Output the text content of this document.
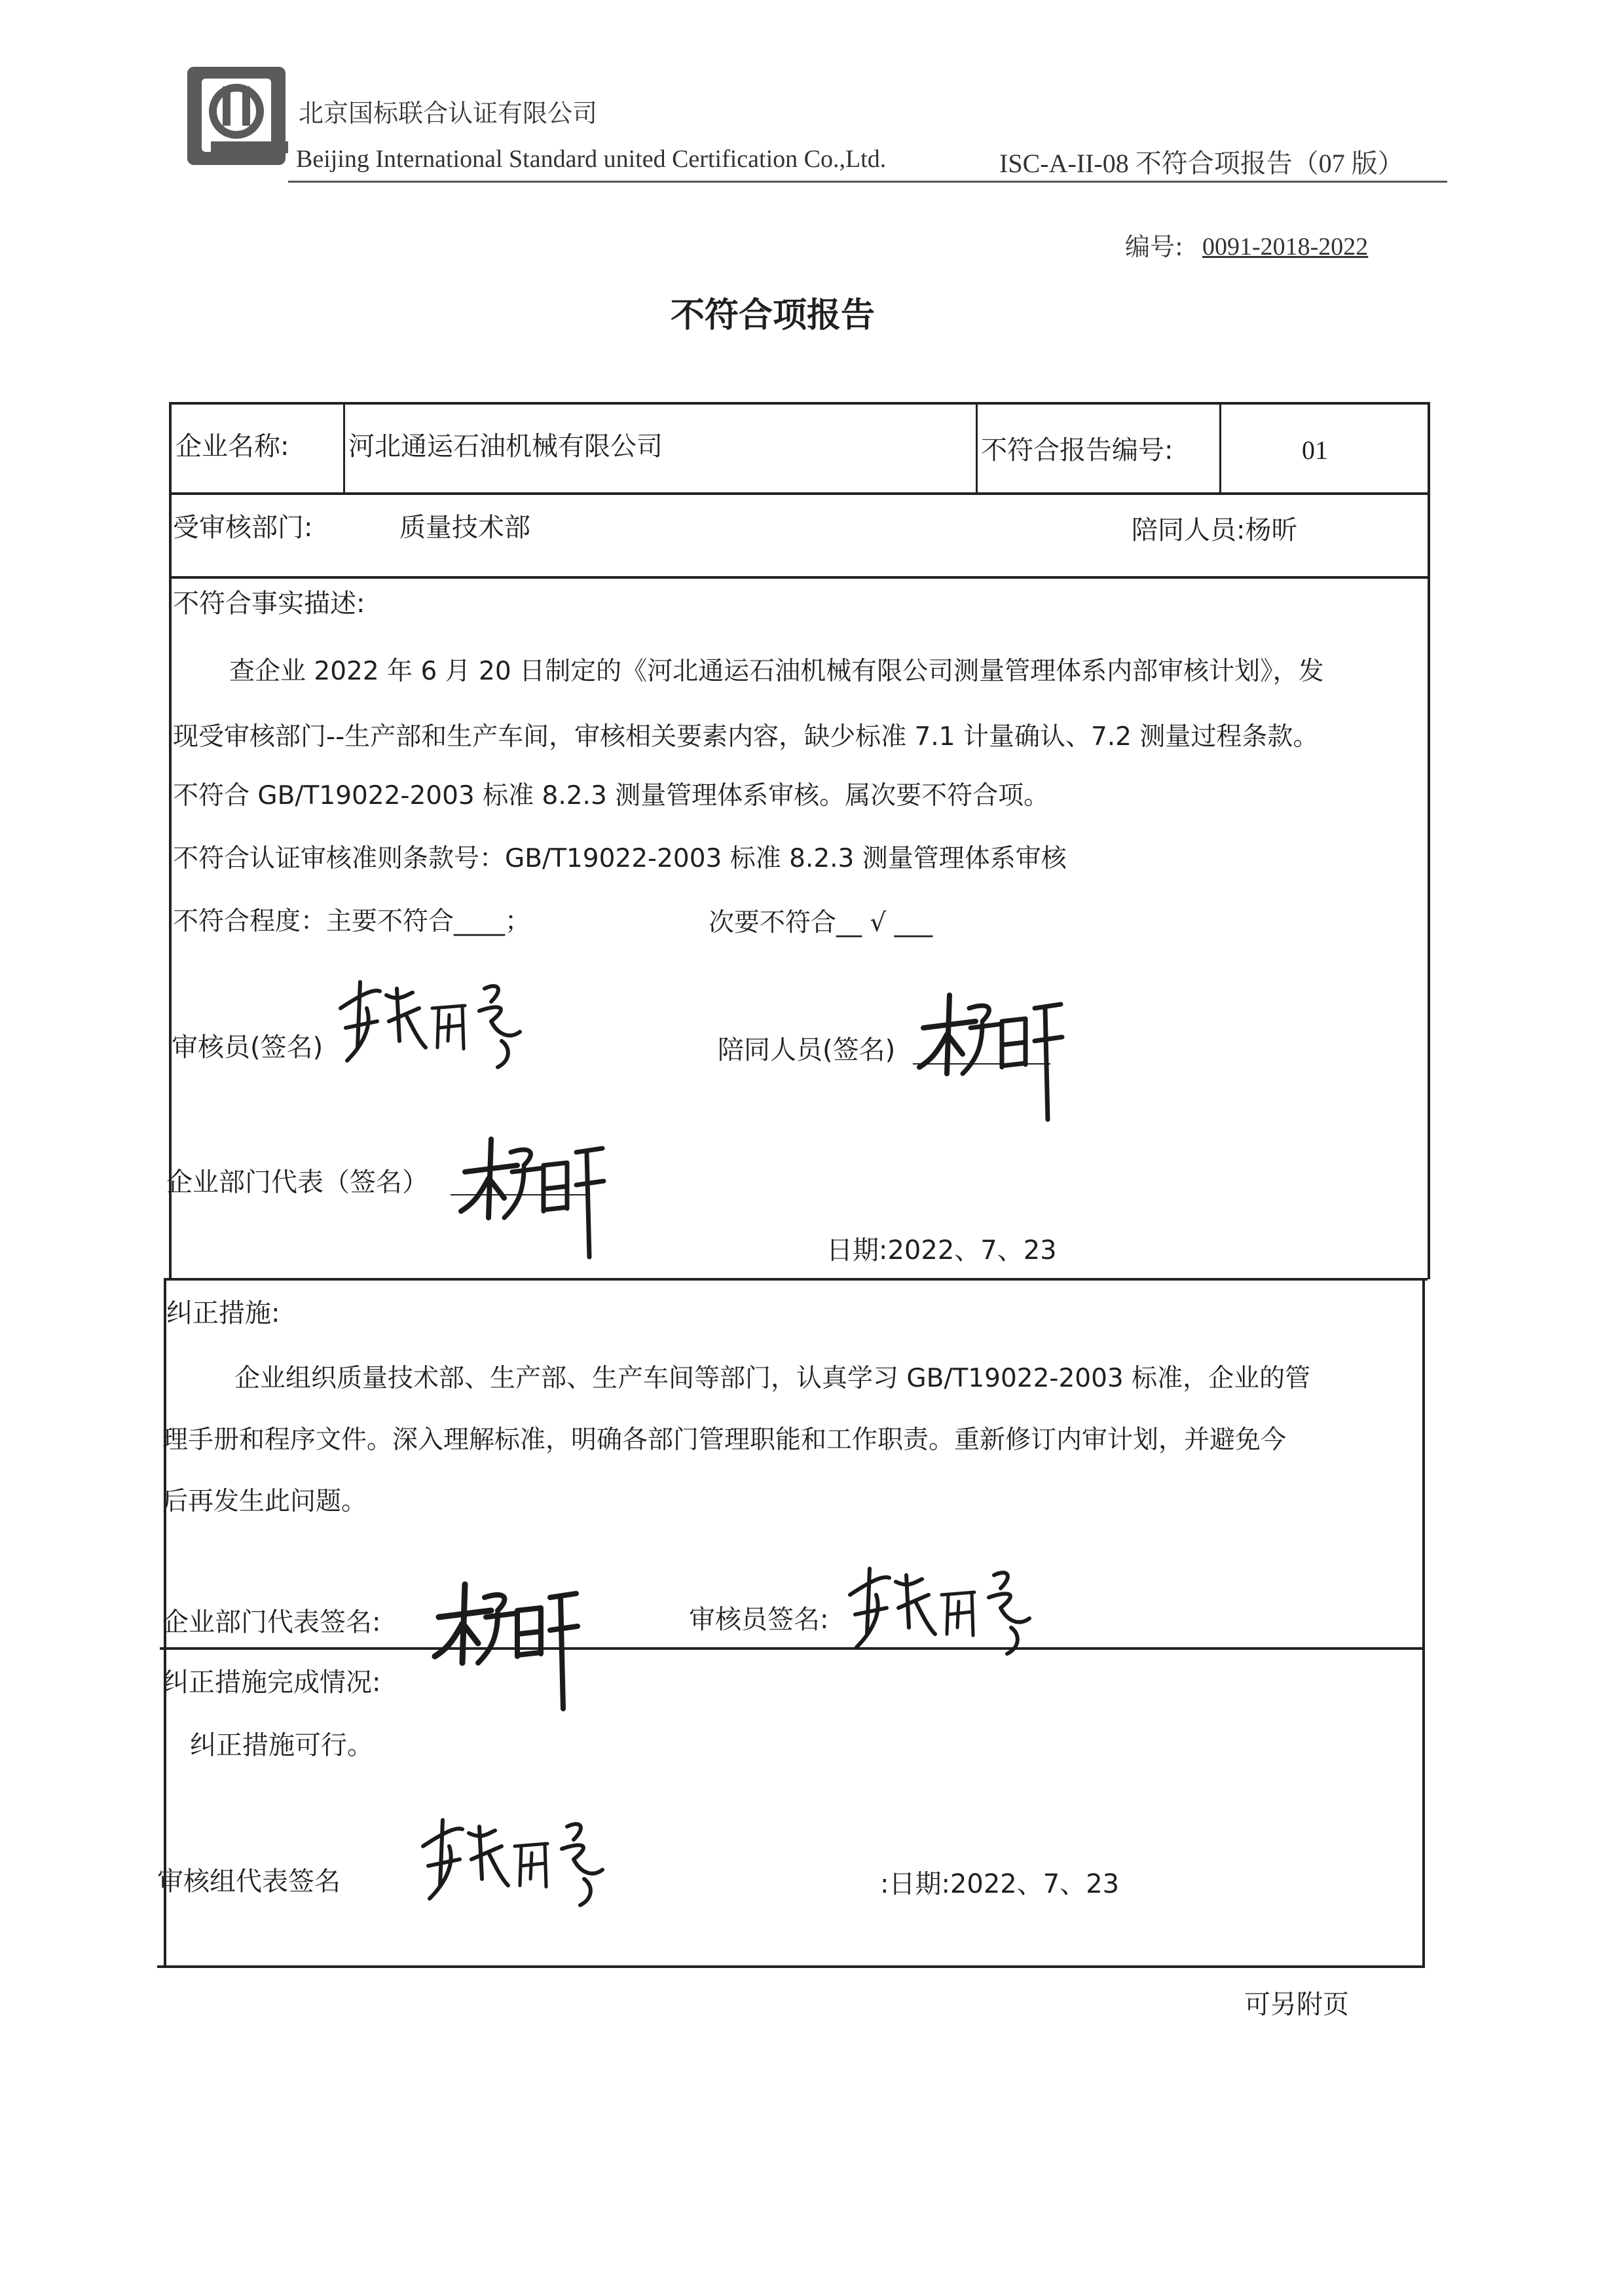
北京国标联合认证有限公司
Beijing International Standard united Certification Co.,Ltd.	ISC-A-II-08 不符合项报告（07 版）
编号: 0091-2018-2022
不符合项报告
企业名称: 河北通运石油机械有限公司	不符合报告编号:	01
受审核部门:	质量技术部	陪同人员:杨昕
不符合事实描述:
查企业 2022 年 6 月 20 日制定的《河北通运石油机械有限公司测量管理体系内部审核计划》，发
现受审核部门--生产部和生产车间，审核相关要素内容，缺少标准 7.1 计量确认、7.2 测量过程条款。
不符合 GB/T19022-2003 标准 8.2.3 测量管理体系审核。属次要不符合项。
不符合认证审核准则条款号：GB/T19022-2003 标准 8.2.3 测量管理体系审核
不符合程度：主要不符合____；	次要不符合__ √ ___
审核员(签名)	陪同人员(签名)
企业部门代表（签名）
日期:2022、7、23
纠正措施:
企业组织质量技术部、生产部、生产车间等部门，认真学习 GB/T19022-2003 标准，企业的管
理手册和程序文件。深入理解标准，明确各部门管理职能和工作职责。重新修订内审计划，并避免今
后再发生此问题。
企业部门代表签名:	审核员签名:
纠正措施完成情况:
纠正措施可行。
审核组代表签名	:日期:2022、7、23
可另附页
